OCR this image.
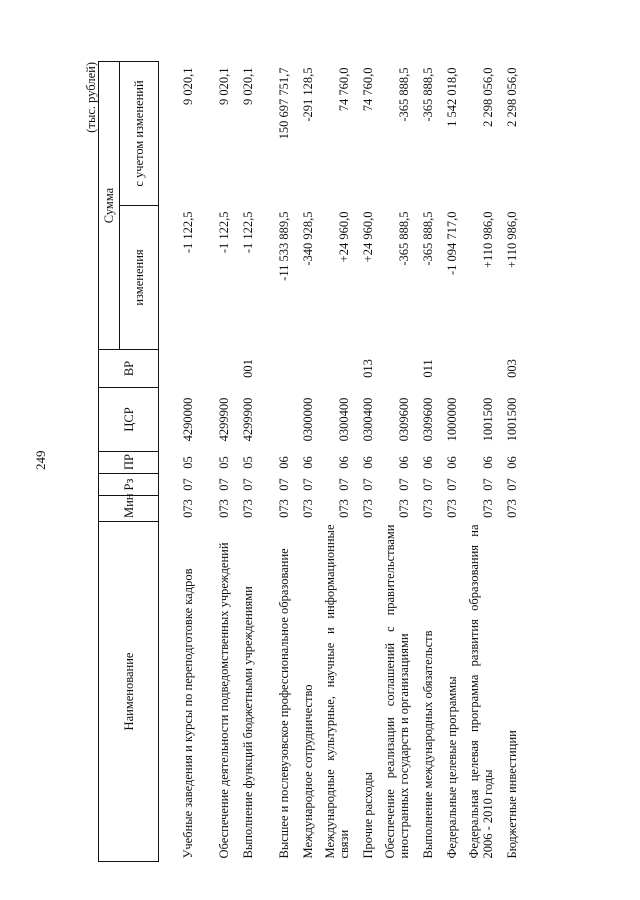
249
(тыс. рублей)
Наименование	Мин	Рз	ПР	ЦСР	ВР	Сумма	
						изменения	с учетом изменений
Учебные заведения и курсы по переподготовке кадров	073	07	05	4290000		-1 122,5	9 020,1
Обеспечение деятельности подведомственных учреждений	073	07	05	4299900		-1 122,5	9 020,1
Выполнение функций бюджетными учреждениями	073	07	05	4299900	001	-1 122,5	9 020,1
Высшее и послевузовское профессиональное образование	073	07	06			-11 533 889,5	150 697 751,7
Международное сотрудничество	073	07	06	0300000		-340 928,5	-291 128,5
Международные культурные, научные и информационные связи	073	07	06	0300400		+24 960,0	74 760,0
Прочие расходы	073	07	06	0300400	013	+24 960,0	74 760,0
Обеспечение реализации соглашений с правительствами иностранных государств и организациями	073	07	06	0309600		-365 888,5	-365 888,5
Выполнение международных обязательств	073	07	06	0309600	011	-365 888,5	-365 888,5
Федеральные целевые программы	073	07	06	1000000		-1 094 717,0	1 542 018,0
Федеральная целевая программа развития образования на 2006 - 2010 годы	073	07	06	1001500		+110 986,0	2 298 056,0
Бюджетные инвестиции	073	07	06	1001500	003	+110 986,0	2 298 056,0
